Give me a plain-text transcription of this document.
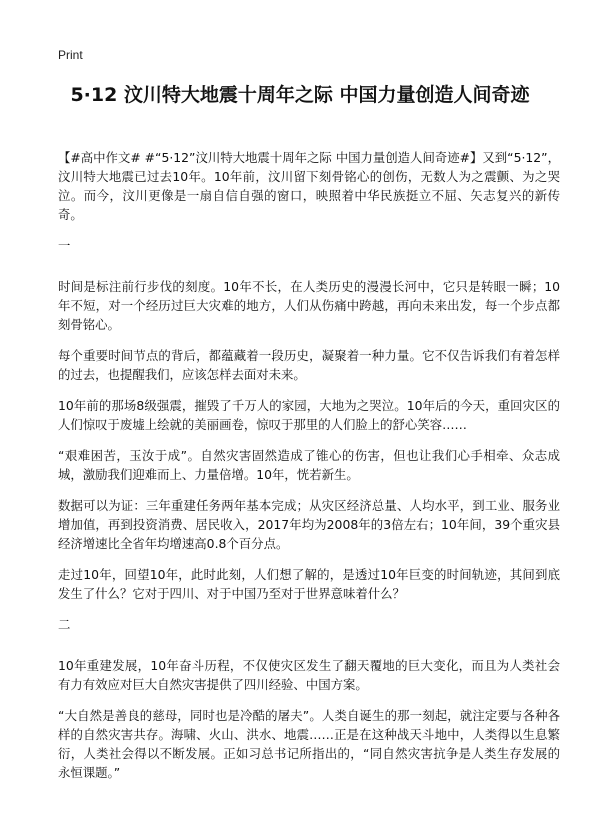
Print
5·12 汶川特大地震十周年之际 中国力量创造人间奇迹

【#高中作文# #“5·12”汶川特大地震十周年之际 中国力量创造人间奇迹#】又到“5·12”，汶川特大地震已过去10年。10年前，汶川留下刻骨铭心的创伤，无数人为之震颤、为之哭泣。而今，汶川更像是一扇自信自强的窗口，映照着中华民族挺立不屈、矢志复兴的新传奇。

一

时间是标注前行步伐的刻度。10年不长，在人类历史的漫漫长河中，它只是转眼一瞬；10年不短，对一个经历过巨大灾难的地方，人们从伤痛中跨越，再向未来出发，每一个步点都刻骨铭心。

每个重要时间节点的背后，都蕴藏着一段历史，凝聚着一种力量。它不仅告诉我们有着怎样的过去，也提醒我们，应该怎样去面对未来。

10年前的那场8级强震，摧毁了千万人的家园，大地为之哭泣。10年后的今天，重回灾区的人们惊叹于废墟上绘就的美丽画卷，惊叹于那里的人们脸上的舒心笑容……

“艰难困苦，玉汝于成”。自然灾害固然造成了锥心的伤害，但也让我们心手相牵、众志成城，激励我们迎难而上、力量倍增。10年，恍若新生。

数据可以为证：三年重建任务两年基本完成；从灾区经济总量、人均水平，到工业、服务业增加值，再到投资消费、居民收入，2017年均为2008年的3倍左右；10年间，39个重灾县经济增速比全省年均增速高0.8个百分点。

走过10年，回望10年，此时此刻，人们想了解的，是透过10年巨变的时间轨迹，其间到底发生了什么？它对于四川、对于中国乃至对于世界意味着什么？

二

10年重建发展，10年奋斗历程，不仅使灾区发生了翻天覆地的巨大变化，而且为人类社会有力有效应对巨大自然灾害提供了四川经验、中国方案。

“大自然是善良的慈母，同时也是冷酷的屠夫”。人类自诞生的那一刻起，就注定要与各种各样的自然灾害共存。海啸、火山、洪水、地震……正是在这种战天斗地中，人类得以生息繁衍，人类社会得以不断发展。正如习总书记所指出的，“同自然灾害抗争是人类生存发展的永恒课题。”
